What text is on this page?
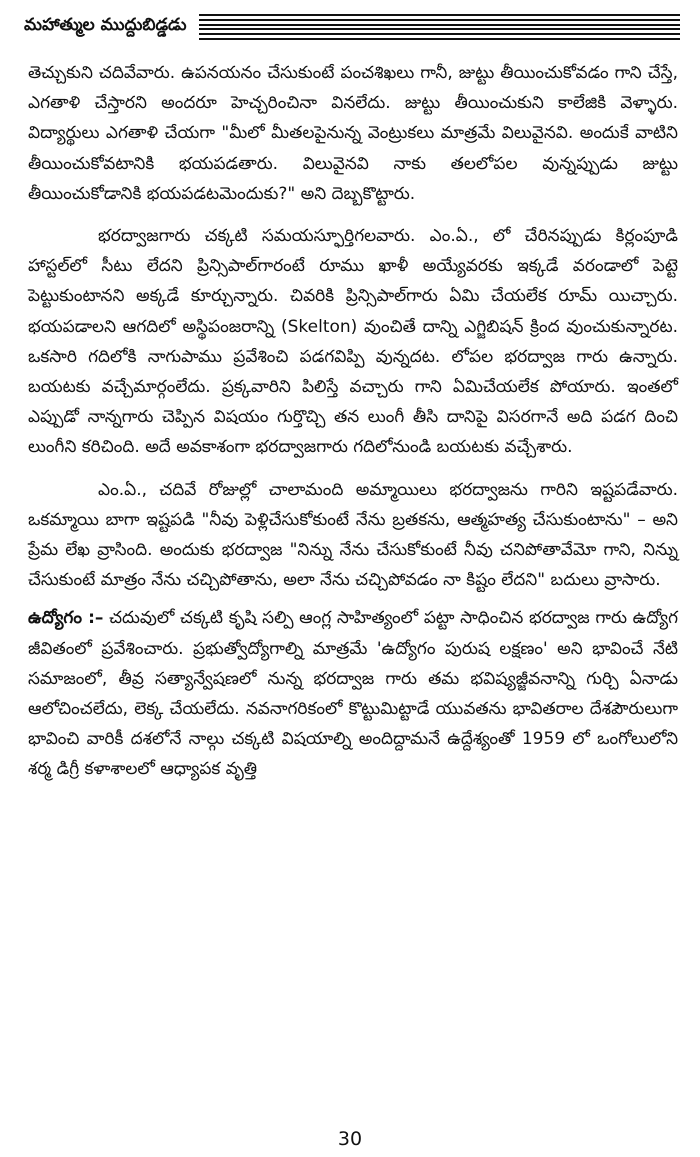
మహాత్ముల ముద్దుబిడ్డడు

తెచ్చుకుని చదివేవారు. ఉపనయనం చేసుకుంటే పంచశిఖలు గానీ, జుట్టు తీయించుకోవడం గాని చేస్తే, ఎగతాళి చేస్తారని అందరూ హెచ్చరించినా వినలేదు. జుట్టు తీయించుకుని కాలేజికి వెళ్ళారు. విద్యార్థులు ఎగతాళి చేయగా "మీలో మీతలపైనున్న వెంట్రుకలు మాత్రమే విలువైనవి. అందుకే వాటిని తీయించుకోవటానికి భయపడతారు. విలువైనవి నాకు తలలోపల వున్నప్పుడు జుట్టు తీయించుకోడానికి భయపడటమెందుకు?" అని దెబ్బకొట్టారు.

భరద్వాజగారు చక్కటి సమయస్ఫూర్తిగలవారు. ఎం.ఏ., లో చేరినప్పుడు కిర్లంపూడి హాస్టల్‌లో సీటు లేదని ప్రిన్సిపాల్‌గారంటే రూము ఖాళీ అయ్యేవరకు ఇక్కడే వరండాలో పెట్టె పెట్టుకుంటానని అక్కడే కూర్చున్నారు. చివరికి ప్రిన్సిపాల్‌గారు ఏమి చేయలేక రూమ్ యిచ్చారు. భయపడాలని ఆగదిలో అస్థిపంజరాన్ని (Skelton) వుంచితే దాన్ని ఎగ్జిబిషన్ క్రింద వుంచుకున్నారట. ఒకసారి గదిలోకి నాగుపాము ప్రవేశించి పడగవిప్పి వున్నదట. లోపల భరద్వాజ గారు ఉన్నారు. బయటకు వచ్చేమార్గంలేదు. ప్రక్కవారిని పిలిస్తే వచ్చారు గాని ఏమిచేయలేక పోయారు. ఇంతలో ఎప్పుడో నాన్నగారు చెప్పిన విషయం గుర్తొచ్చి తన లుంగీ తీసి దానిపై విసరగానే అది పడగ దించి లుంగీని కరిచింది. అదే అవకాశంగా భరద్వాజగారు గదిలోనుండి బయటకు వచ్చేశారు.

ఎం.ఏ., చదివే రోజుల్లో చాలామంది అమ్మాయిలు భరద్వాజను గారిని ఇష్టపడేవారు. ఒకమ్మాయి బాగా ఇష్టపడి "నీవు పెళ్లిచేసుకోకుంటే నేను బ్రతకను, ఆత్మహత్య చేసుకుంటాను" – అని ప్రేమ లేఖ వ్రాసింది. అందుకు భరద్వాజ "నిన్ను నేను చేసుకోకుంటే నీవు చనిపోతావేమో గాని, నిన్ను చేసుకుంటే మాత్రం నేను చచ్చిపోతాను, అలా నేను చచ్చిపోవడం నా కిష్టం లేదని" బదులు వ్రాసారు.

ఉద్యోగం :– చదువులో చక్కటి కృషి సల్పి ఆంగ్ల సాహిత్యంలో పట్టా సాధించిన భరద్వాజ గారు ఉద్యోగ జీవితంలో ప్రవేశించారు. ప్రభుత్వోద్యోగాల్ని మాత్రమే 'ఉద్యోగం పురుష లక్షణం' అని భావించే నేటి సమాజంలో, తీవ్ర సత్యాన్వేషణలో నున్న భరద్వాజ గారు తమ భవిష్యజ్జీవనాన్ని గుర్చి ఏనాడు ఆలోచించలేదు, లెక్క చేయలేదు. నవనాగరికంలో కొట్టుమిట్టాడే యువతను భావితరాల దేశపౌరులుగా భావించి వారికీ దశలోనే నాల్గు చక్కటి విషయాల్ని అందిద్దామనే ఉద్దేశ్యంతో 1959 లో ఒంగోలులోని శర్మ డిగ్రీ కళాశాలలో ఆధ్యాపక వృత్తి

30
